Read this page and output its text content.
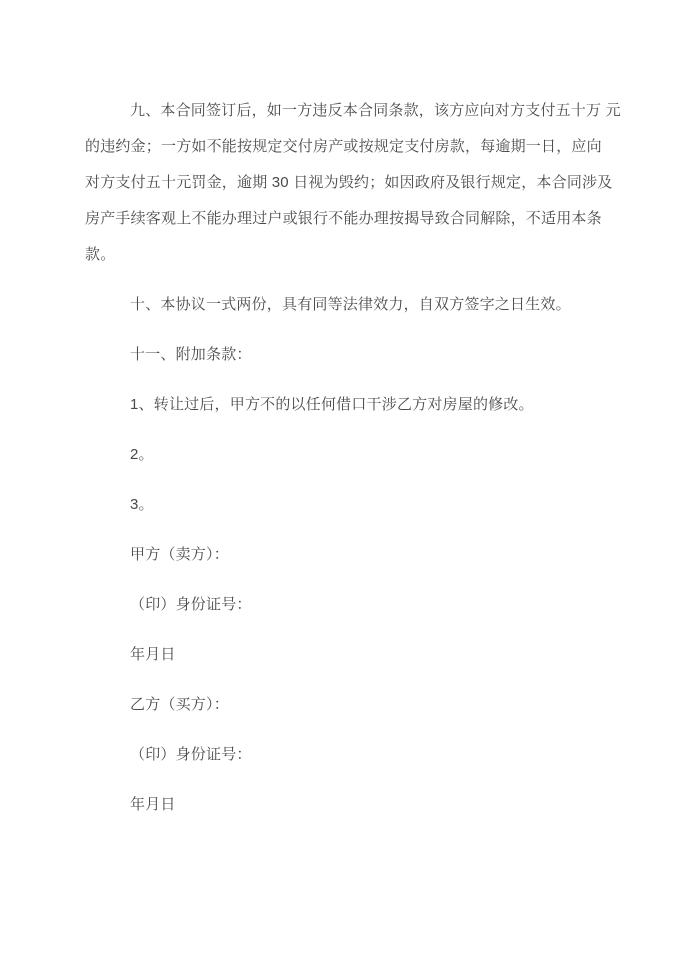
九、本合同签订后，如一方违反本合同条款，该方应向对方支付五十万 元
的违约金；一方如不能按规定交付房产或按规定支付房款，每逾期一日，应向
对方支付五十元罚金，逾期 30 日视为毁约；如因政府及银行规定，本合同涉及
房产手续客观上不能办理过户或银行不能办理按揭导致合同解除，不适用本条
款。
十、本协议一式两份，具有同等法律效力，自双方签字之日生效。
十一、附加条款：
1、转让过后，甲方不的以任何借口干涉乙方对房屋的修改。
2。
3。
甲方（卖方）：
（印）身份证号：
年月日
乙方（买方）：
（印）身份证号：
年月日
